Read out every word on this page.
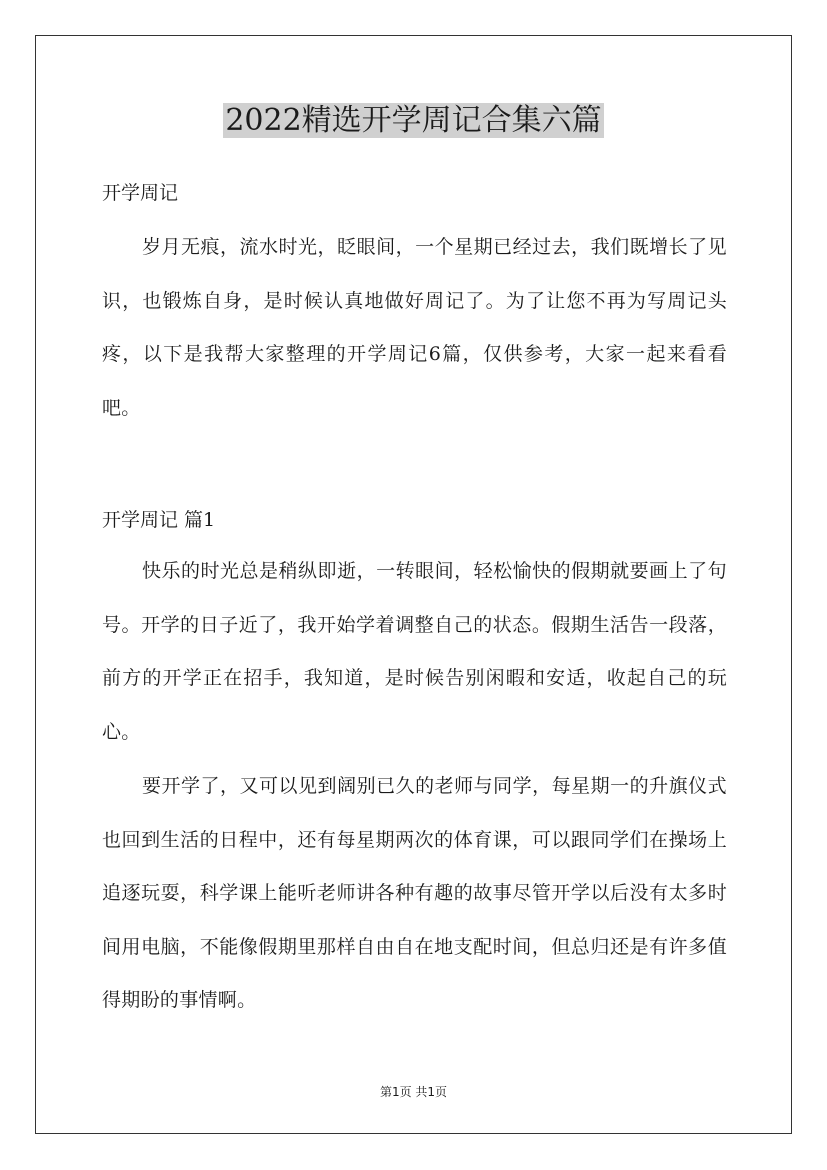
2022精选开学周记合集六篇
开学周记

岁月无痕，流水时光，眨眼间，一个星期已经过去，我们既增长了见识，也锻炼自身，是时候认真地做好周记了。为了让您不再为写周记头疼，以下是我帮大家整理的开学周记6篇，仅供参考，大家一起来看看吧。

开学周记 篇1

快乐的时光总是稍纵即逝，一转眼间，轻松愉快的假期就要画上了句号。开学的日子近了，我开始学着调整自己的状态。假期生活告一段落，前方的开学正在招手，我知道，是时候告别闲暇和安适，收起自己的玩心。

要开学了，又可以见到阔别已久的老师与同学，每星期一的升旗仪式也回到生活的日程中，还有每星期两次的体育课，可以跟同学们在操场上追逐玩耍，科学课上能听老师讲各种有趣的故事尽管开学以后没有太多时间用电脑，不能像假期里那样自由自在地支配时间，但总归还是有许多值得期盼的事情啊。

第1页 共1页
